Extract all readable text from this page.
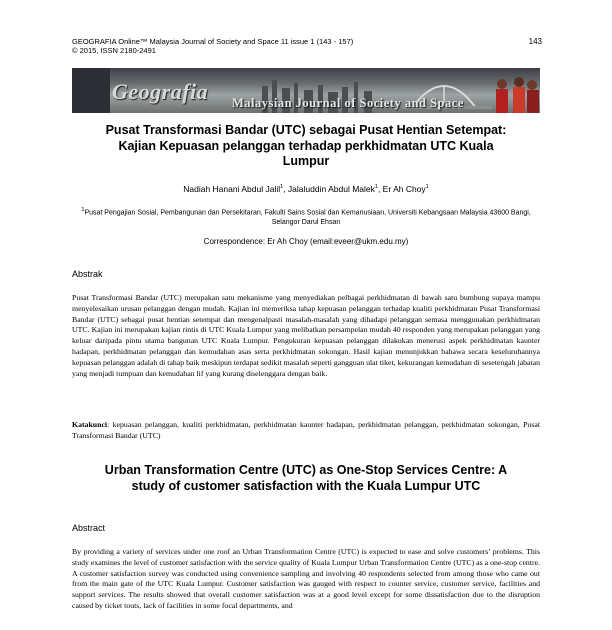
GEOGRAFIA Online™ Malaysia Journal of Society and Space 11 issue 1 (143 - 157)
© 2015, ISSN 2180-2491
143
Geografia Malaysian Journal of Society and Space
Pusat Transformasi Bandar (UTC) sebagai Pusat Hentian Setempat: Kajian Kepuasan pelanggan terhadap perkhidmatan UTC Kuala Lumpur
Nadiah Hanani Abdul Jalil$^1$, Jalaluddin Abdul Malek$^1$, Er Ah Choy$^1$
$^1$Pusat Pengajian Sosial, Pembangunan dan Persekitaran, Fakulti Sains Sosial dan Kemanusiaan, Universiti Kebangsaan Malaysia 43600 Bangi, Selangor Darul Ehsan
Correspondence: Er Ah Choy (email:eveer@ukm.edu.my)
Abstrak
Pusat Transformasi Bandar (UTC) merupakan satu mekanisme yang menyediakan pelbagai perkhidmatan di bawah satu bumbung supaya mampu menyelesaikan urusan pelanggan dengan mudah. Kajian ini memeriksa tahap kepuasan pelanggan terhadap kualiti perkhidmatan Pusat Transformasi Bandar (UTC) sebagai pusat hentian setempat dan mengenalpasti masalah-masalah yang dihadapi pelanggan semasa menggunakan perkhidmatan UTC. Kajian ini merupakan kajian rintis di UTC Kuala Lumpur yang melibatkan persampelan mudah 40 responden yang merupakan pelanggan yang keluar daripada pintu utama bangunan UTC Kuala Lumpur. Pengukuran kepuasan pelanggan dilakukan menerusi aspek perkhidmatan kaunter hadapan, perkhidmatan pelanggan dan kemudahan asas serta perkhidmatan sokongan. Hasil kajian menunjukkan bahawa secara keseluruhannya kepuasan pelanggan adalah di tahap baik meskipun terdapat sedikit masalah seperti gangguan ulat tiket, kekurangan kemudahan di sesetengah jabatan yang menjadi tumpuan dan kemudahan lif yang kurang diselenggara dengan baik.
Katakunci: kepuasan pelanggan, kualiti perkhidmatan, perkhidmatan kaunter hadapan, perkhidmatan pelanggan, perkhidmatan sokongan, Pusat Transformasi Bandar (UTC)
Urban Transformation Centre (UTC) as One-Stop Services Centre: A study of customer satisfaction with the Kuala Lumpur UTC
Abstract
By providing a variety of services under one roof an Urban Transformation Centre (UTC) is expected to ease and solve customers’ problems. This study examines the level of customer satisfaction with the service quality of Kuala Lumpur Urban Transformation Centre (UTC) as a one-stop centre. A customer satisfaction survey was conducted using convenience sampling and involving 40 respondents selected from among those who came out from the main gate of the UTC Kuala Lumpur. Customer satisfaction was gauged with respect to counter service, customer service, facilities and support services. The results showed that overall customer satisfaction was at a good level except for some dissatisfaction due to the disruption caused by ticket touts, lack of facilities in some focal departments, and
